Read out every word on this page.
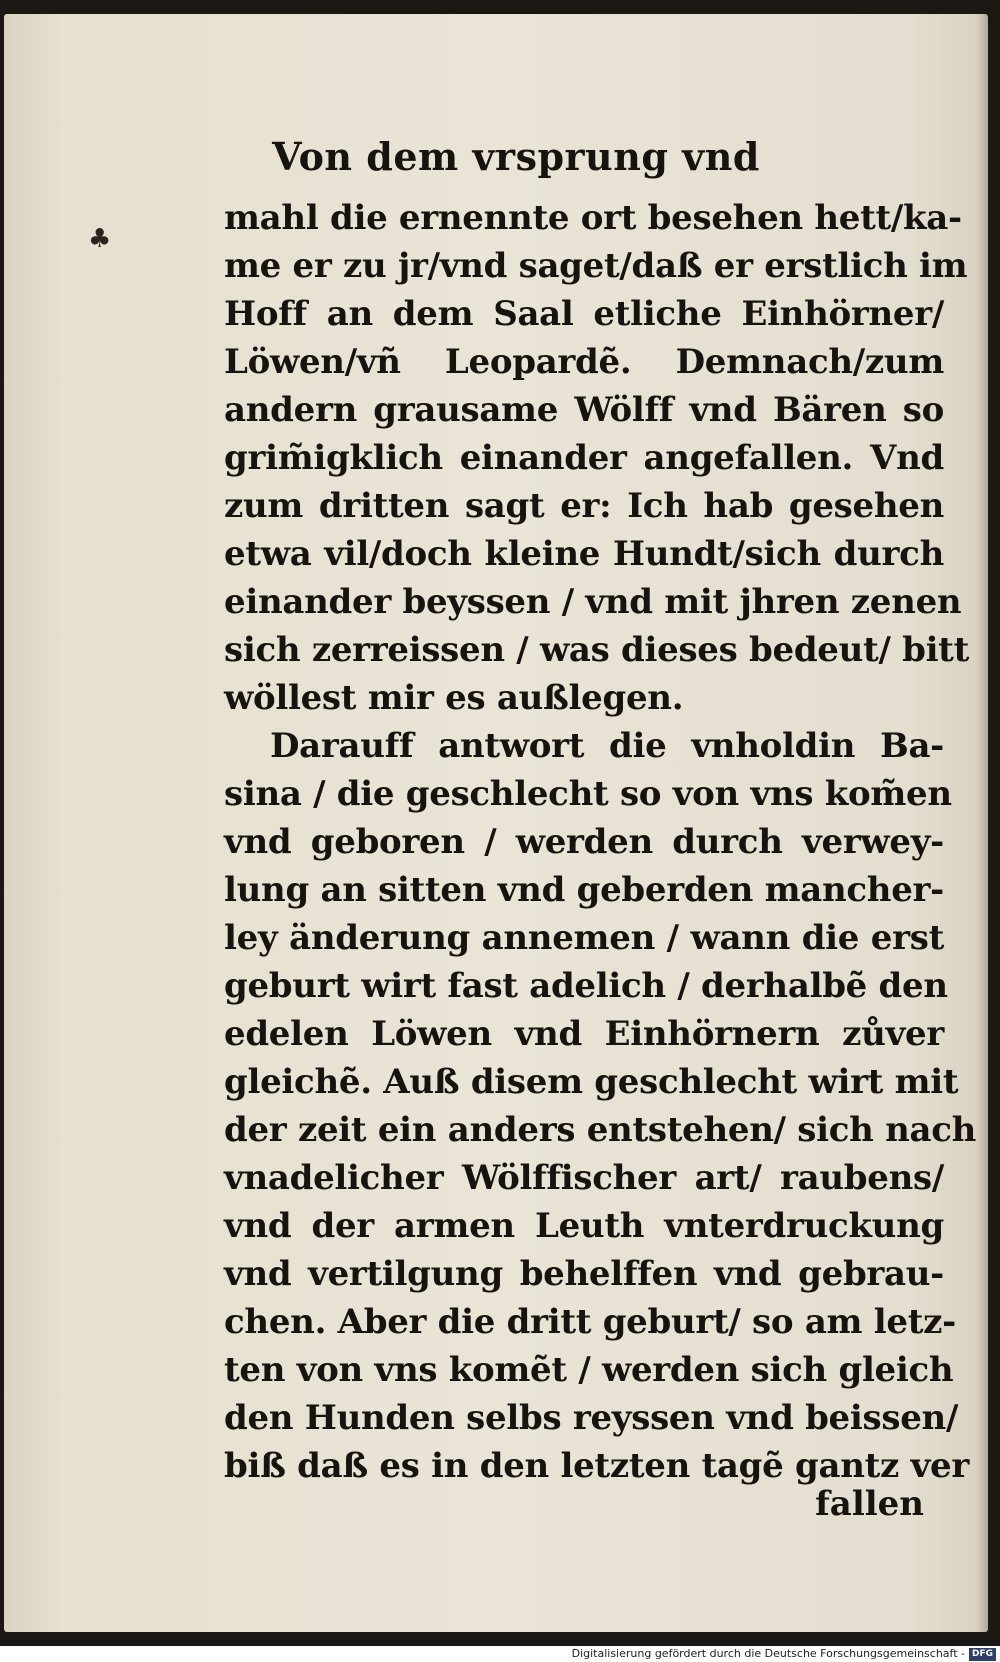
Von dem vrsprung vnd
♣
mahl die ernennte ort besehen hett/ka-
me er zu jr/vnd saget/daß er erstlich im
Hoff an dem Saal etliche Einhörner/
Löwen/vñ Leopardẽ. Demnach/zum
andern grausame Wölff vnd Bären so
grim̃igklich einander angefallen. Vnd
zum dritten sagt er: Ich hab gesehen
etwa vil/doch kleine Hundt/sich durch
einander beyssen / vnd mit jhren zenen
sich zerreissen / was dieses bedeut/ bitt
wöllest mir es außlegen.
Darauff antwort die vnholdin Ba-
sina / die geschlecht so von vns kom̃en
vnd geboren / werden durch verwey-
lung an sitten vnd geberden mancher-
ley änderung annemen / wann die erst
geburt wirt fast adelich / derhalbẽ den
edelen Löwen vnd Einhörnern zůver
gleichẽ. Auß disem geschlecht wirt mit
der zeit ein anders entstehen/ sich nach
vnadelicher Wölffischer art/ raubens/
vnd der armen Leuth vnterdruckung
vnd vertilgung behelffen vnd gebrau-
chen. Aber die dritt geburt/ so am letz-
ten von vns komẽt / werden sich gleich
den Hunden selbs reyssen vnd beissen/
biß daß es in den letzten tagẽ gantz ver
fallen
Digitalisierung gefördert durch die Deutsche Forschungsgemeinschaft - DFG
